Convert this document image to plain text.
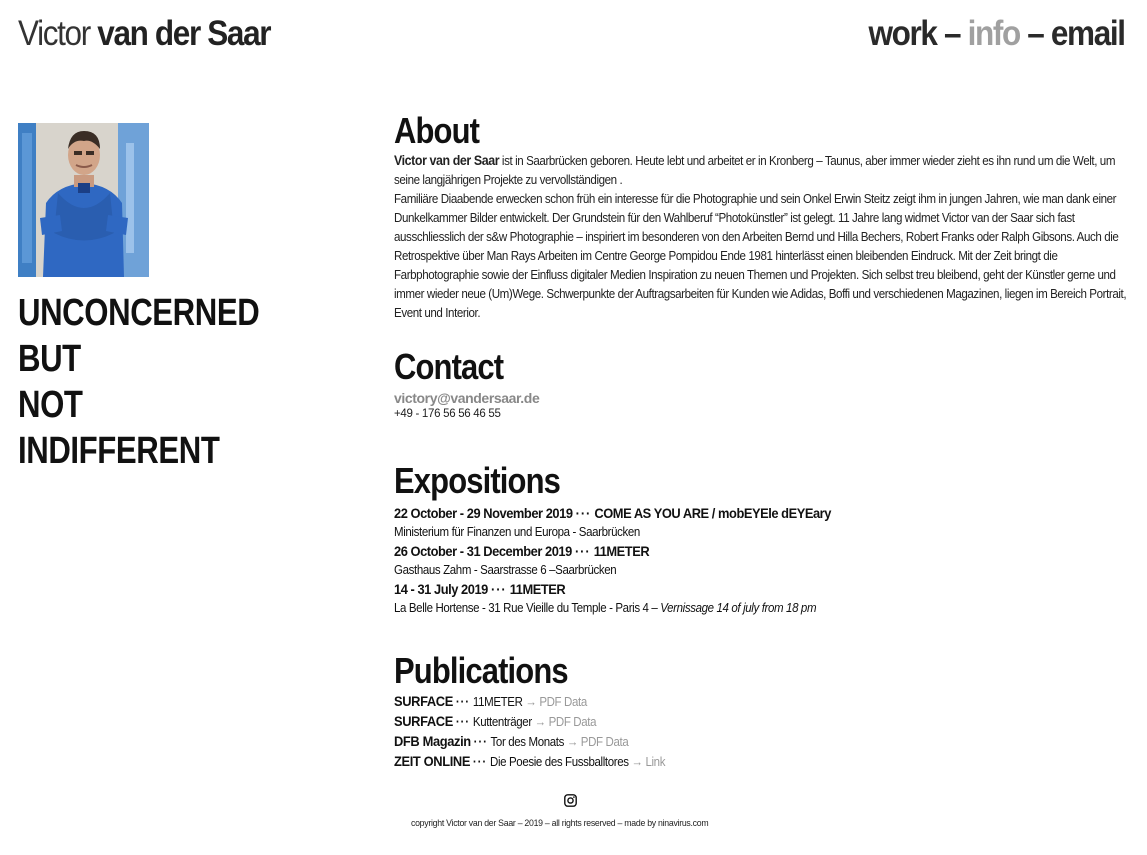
Victor van der Saar	work – info – email
UNCONCERNED
BUT
NOT
INDIFFERENT
About

Victor van der Saar ist in Saarbrücken geboren. Heute lebt und arbeitet er in Kronberg – Taunus, aber immer wieder zieht es ihn rund um die Welt, um seine langjährigen Projekte zu vervollständigen .

Familiäre Diaabende erwecken schon früh ein interesse für die Photographie und sein Onkel Erwin Steitz zeigt ihm in jungen Jahren, wie man dank einer Dunkelkammer Bilder entwickelt. Der Grundstein für den Wahlberuf “Photokünstler” ist gelegt. 11 Jahre lang widmet Victor van der Saar sich fast ausschliesslich der s&w Photographie – inspiriert im besonderen von den Arbeiten Bernd und Hilla Bechers, Robert Franks oder Ralph Gibsons. Auch die Retrospektive über Man Rays Arbeiten im Centre George Pompidou Ende 1981 hinterlässt einen bleibenden Eindruck. Mit der Zeit bringt die Farbphotographie sowie der Einfluss digitaler Medien Inspiration zu neuen Themen und Projekten. Sich selbst treu bleibend, geht der Künstler gerne und immer wieder neue (Um)Wege. Schwerpunkte der Auftragsarbeiten für Kunden wie Adidas, Boffi und verschiedenen Magazinen, liegen im Bereich Portrait, Event und Interior.

Contact
victory@vandersaar.de
+49 - 176 56 56 46 55
Expositions
22 October - 29 November 2019 ··· COME AS YOU ARE / mobEYEle dEYEary
Ministerium für Finanzen und Europa - Saarbrücken
26 October - 31 December 2019 ··· 11METER
Gasthaus Zahm - Saarstrasse 6 –Saarbrücken
14 - 31 July 2019 ··· 11METER
La Belle Hortense - 31 Rue Vieille du Temple - Paris 4 – Vernissage 14 of july from 18 pm
Publications
SURFACE ··· 11METER → PDF Data
SURFACE ··· Kuttenträger → PDF Data
DFB Magazin ··· Tor des Monats → PDF Data
ZEIT ONLINE ··· Die Poesie des Fussballtores → Link
copyright Victor van der Saar – 2019 – all rights reserved – made by ninavirus.com
